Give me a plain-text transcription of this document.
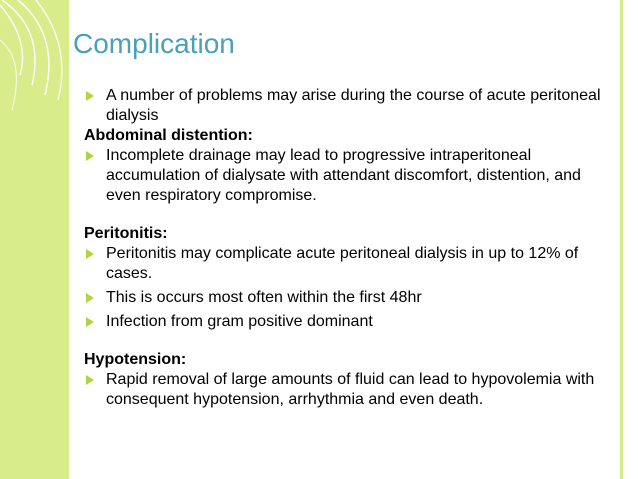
Complication
A number of problems may arise during the course of acute peritoneal dialysis
Abdominal distention:
Incomplete drainage may lead to progressive intraperitoneal accumulation of dialysate with attendant discomfort, distention, and even respiratory compromise.
Peritonitis:
Peritonitis may complicate acute peritoneal dialysis in up to 12% of cases.
This is occurs most often within the first 48hr
Infection from gram positive dominant
Hypotension:
Rapid removal of large amounts of fluid can lead to hypovolemia with consequent hypotension, arrhythmia and even death.
